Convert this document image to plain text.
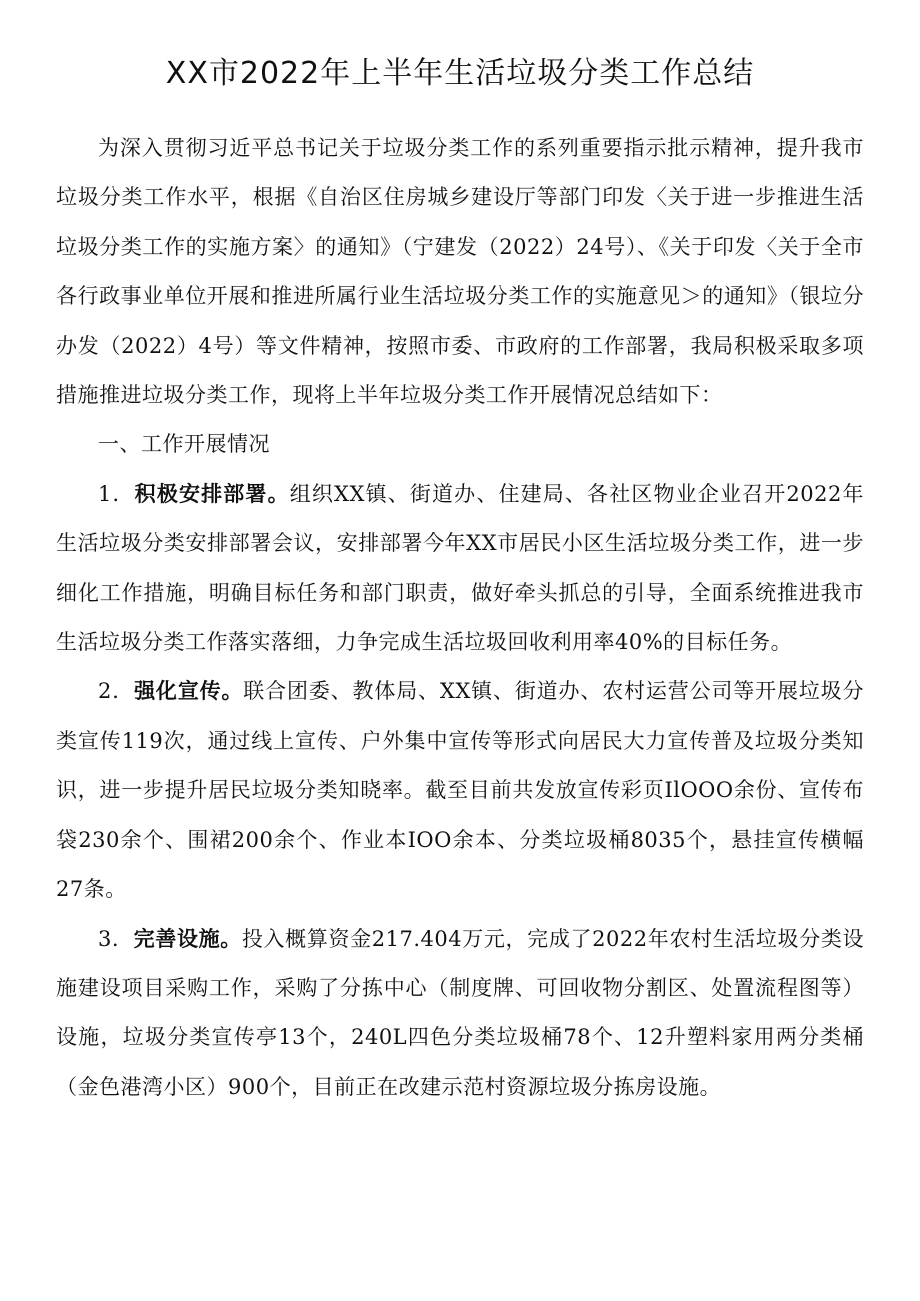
XX市2022年上半年生活垃圾分类工作总结

为深入贯彻习近平总书记关于垃圾分类工作的系列重要指示批示精神，提升我市垃圾分类工作水平，根据《自治区住房城乡建设厅等部门印发〈关于进一步推进生活垃圾分类工作的实施方案〉的通知》（宁建发（2022）24号）、《关于印发〈关于全市各行政事业单位开展和推进所属行业生活垃圾分类工作的实施意见＞的通知》（银垃分办发（2022）4号）等文件精神，按照市委、市政府的工作部署，我局积极采取多项措施推进垃圾分类工作，现将上半年垃圾分类工作开展情况总结如下：

一、工作开展情况

1．积极安排部署。组织XX镇、街道办、住建局、各社区物业企业召开2022年生活垃圾分类安排部署会议，安排部署今年XX市居民小区生活垃圾分类工作，进一步细化工作措施，明确目标任务和部门职责，做好牵头抓总的引导，全面系统推进我市生活垃圾分类工作落实落细，力争完成生活垃圾回收利用率40%的目标任务。

2．强化宣传。联合团委、教体局、XX镇、街道办、农村运营公司等开展垃圾分类宣传119次，通过线上宣传、户外集中宣传等形式向居民大力宣传普及垃圾分类知识，进一步提升居民垃圾分类知晓率。截至目前共发放宣传彩页IlOOO余份、宣传布袋230余个、围裙200余个、作业本IOO余本、分类垃圾桶8035个，悬挂宣传横幅27条。

3．完善设施。投入概算资金217.404万元，完成了2022年农村生活垃圾分类设施建设项目采购工作，采购了分拣中心（制度牌、可回收物分割区、处置流程图等）设施，垃圾分类宣传亭13个，240L四色分类垃圾桶78个、12升塑料家用两分类桶（金色港湾小区）900个，目前正在改建示范村资源垃圾分拣房设施。
